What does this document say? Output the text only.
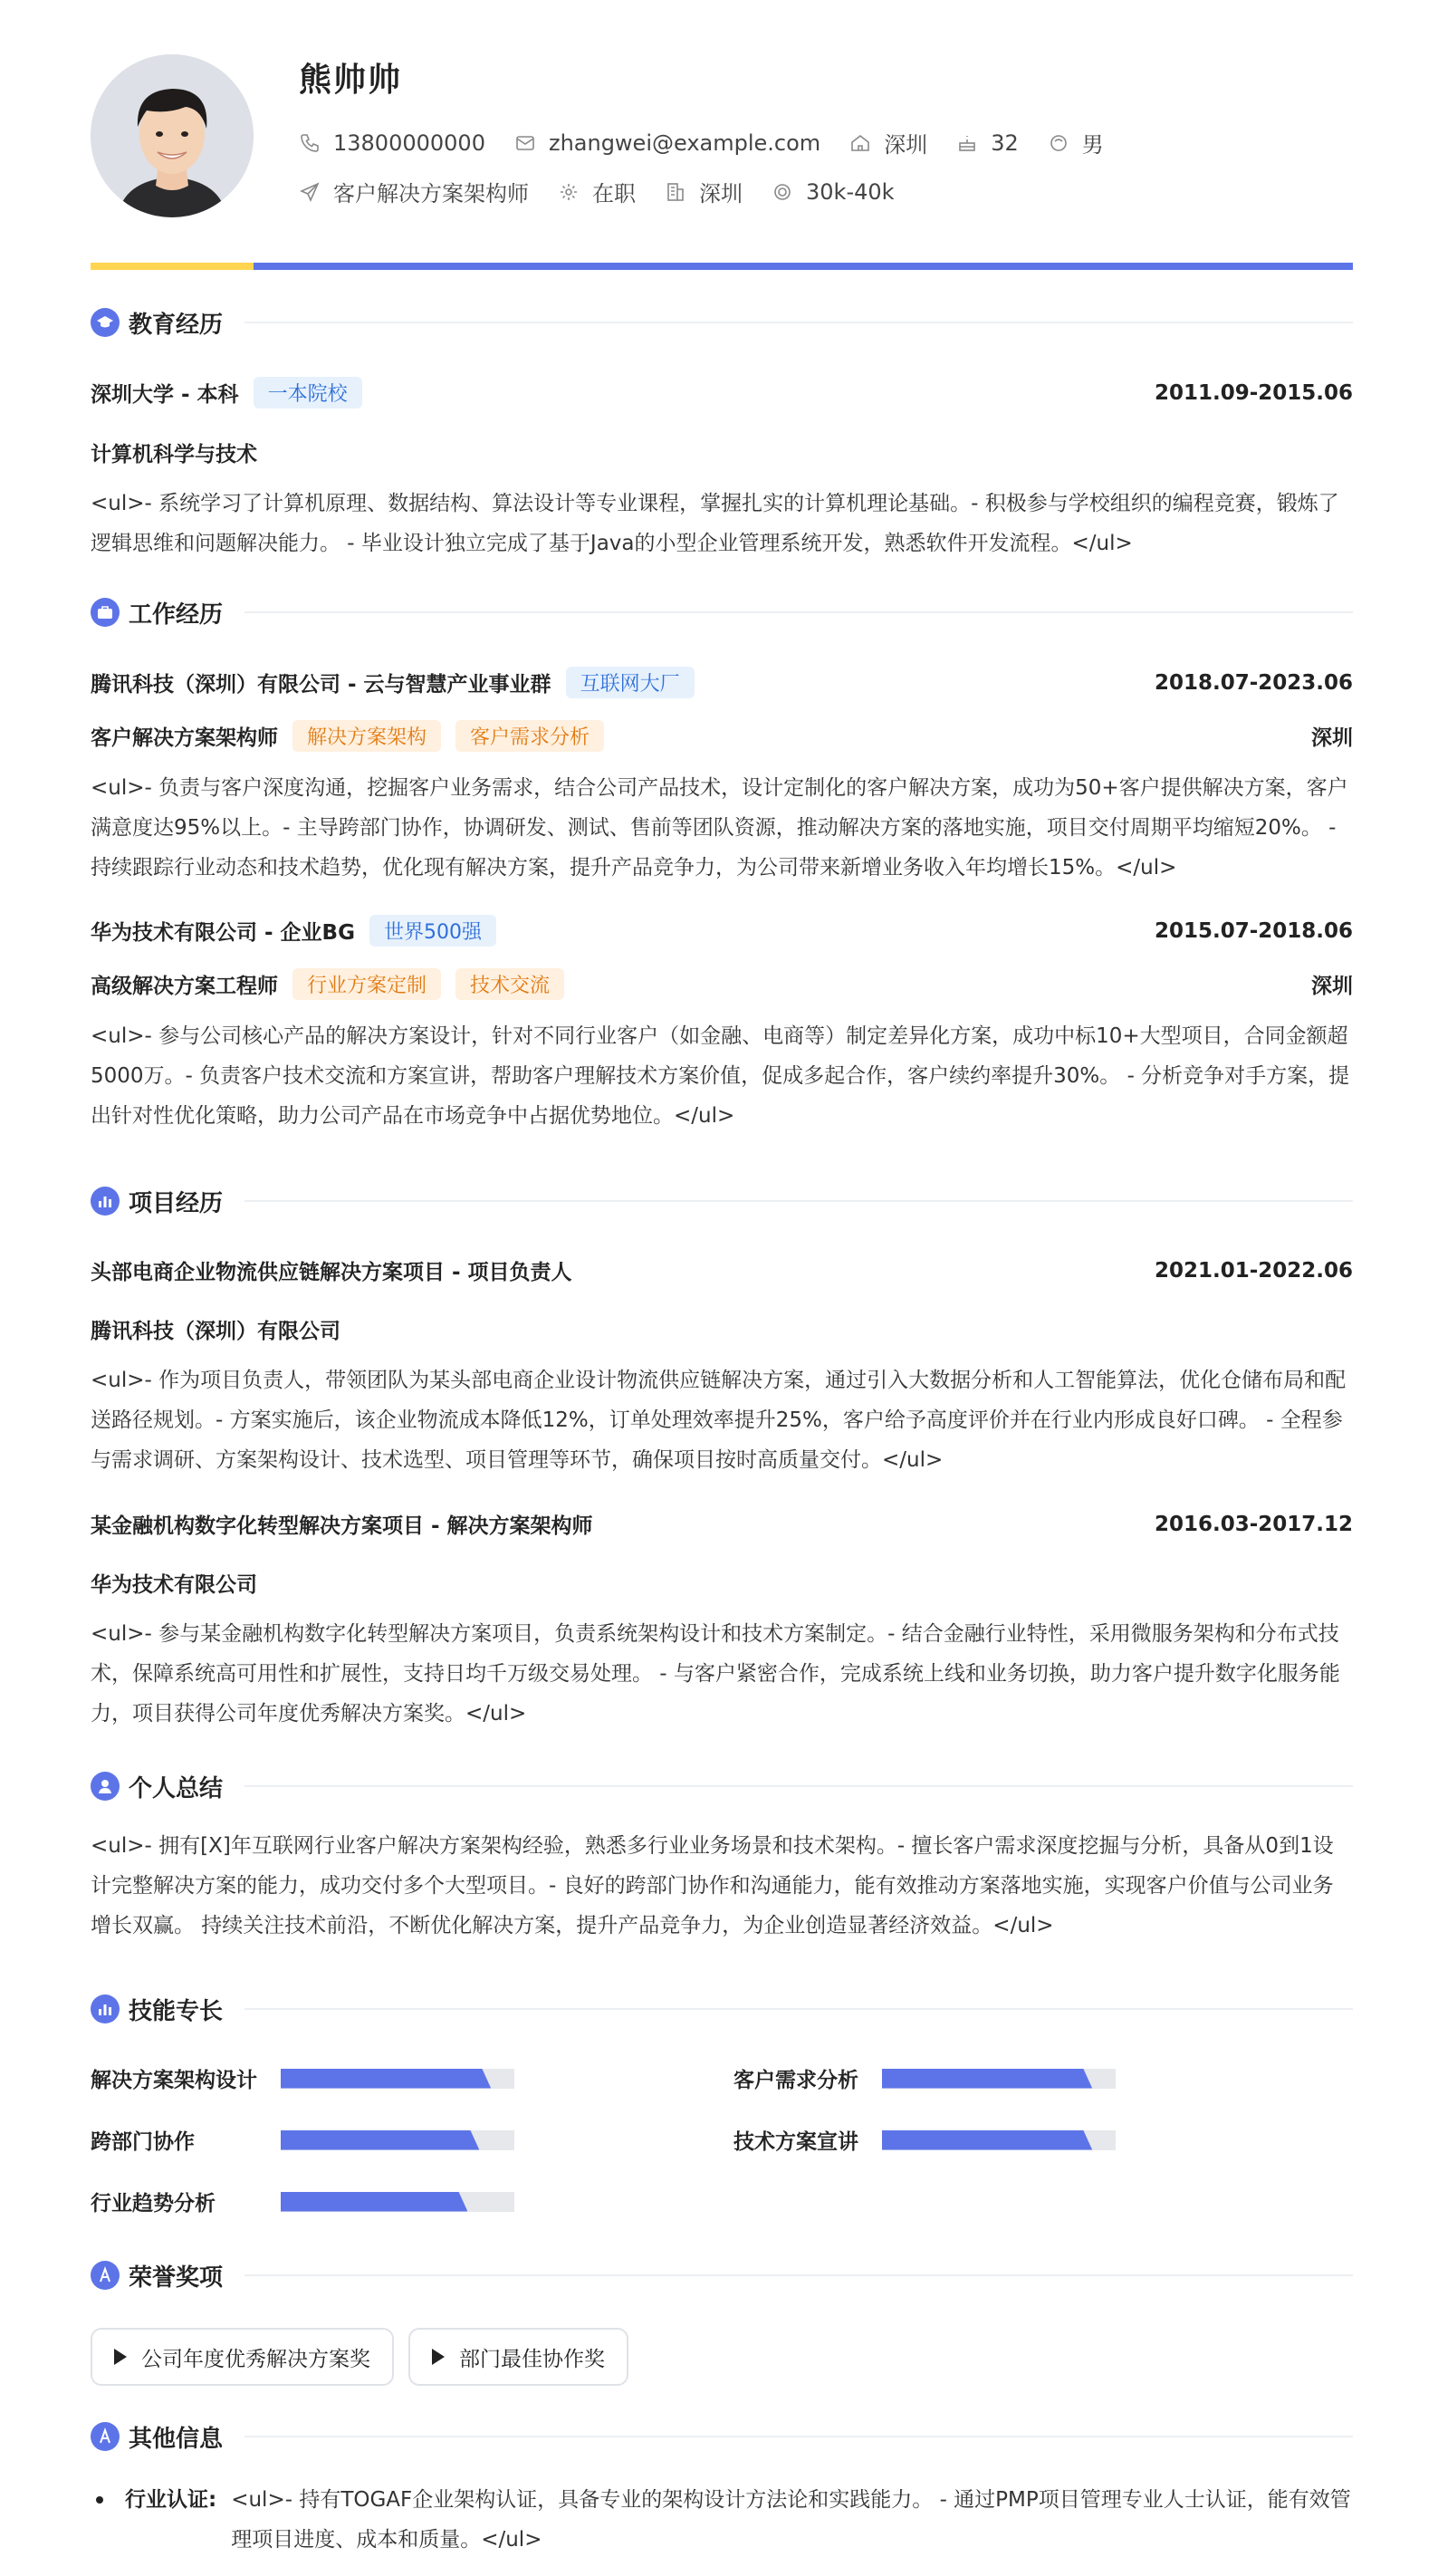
熊帅帅
13800000000	zhangwei@example.com	深圳	32	男
客户解决方案架构师	在职	深圳	30k-40k
教育经历
深圳大学 - 本科	一本院校	2011.09-2015.06
计算机科学与技术
<ul>- 系统学习了计算机原理、数据结构、算法设计等专业课程，掌握扎实的计算机理论基础。- 积极参与学校组织的编程竞赛，锻炼了逻辑思维和问题解决能力。 - 毕业设计独立完成了基于Java的小型企业管理系统开发，熟悉软件开发流程。</ul>
工作经历
腾讯科技（深圳）有限公司 - 云与智慧产业事业群	互联网大厂	2018.07-2023.06
客户解决方案架构师	解决方案架构	客户需求分析	深圳
<ul>- 负责与客户深度沟通，挖掘客户业务需求，结合公司产品技术，设计定制化的客户解决方案，成功为50+客户提供解决方案，客户满意度达95%以上。- 主导跨部门协作，协调研发、测试、售前等团队资源，推动解决方案的落地实施，项目交付周期平均缩短20%。 - 持续跟踪行业动态和技术趋势，优化现有解决方案，提升产品竞争力，为公司带来新增业务收入年均增长15%。</ul>
华为技术有限公司 - 企业BG	世界500强	2015.07-2018.06
高级解决方案工程师	行业方案定制	技术交流	深圳
<ul>- 参与公司核心产品的解决方案设计，针对不同行业客户（如金融、电商等）制定差异化方案，成功中标10+大型项目，合同金额超5000万。- 负责客户技术交流和方案宣讲，帮助客户理解技术方案价值，促成多起合作，客户续约率提升30%。 - 分析竞争对手方案，提出针对性优化策略，助力公司产品在市场竞争中占据优势地位。</ul>
项目经历
头部电商企业物流供应链解决方案项目 - 项目负责人	2021.01-2022.06
腾讯科技（深圳）有限公司
<ul>- 作为项目负责人，带领团队为某头部电商企业设计物流供应链解决方案，通过引入大数据分析和人工智能算法，优化仓储布局和配送路径规划。- 方案实施后，该企业物流成本降低12%，订单处理效率提升25%，客户给予高度评价并在行业内形成良好口碑。 - 全程参与需求调研、方案架构设计、技术选型、项目管理等环节，确保项目按时高质量交付。</ul>
某金融机构数字化转型解决方案项目 - 解决方案架构师	2016.03-2017.12
华为技术有限公司
<ul>- 参与某金融机构数字化转型解决方案项目，负责系统架构设计和技术方案制定。- 结合金融行业特性，采用微服务架构和分布式技术，保障系统高可用性和扩展性，支持日均千万级交易处理。 - 与客户紧密合作，完成系统上线和业务切换，助力客户提升数字化服务能力，项目获得公司年度优秀解决方案奖。</ul>
个人总结
<ul>- 拥有[X]年互联网行业客户解决方案架构经验，熟悉多行业业务场景和技术架构。- 擅长客户需求深度挖掘与分析，具备从0到1设计完整解决方案的能力，成功交付多个大型项目。- 良好的跨部门协作和沟通能力，能有效推动方案落地实施，实现客户价值与公司业务增长双赢。 持续关注技术前沿，不断优化解决方案，提升产品竞争力，为企业创造显著经济效益。</ul>
技能专长
解决方案架构设计	客户需求分析
跨部门协作	技术方案宣讲
行业趋势分析
荣誉奖项
公司年度优秀解决方案奖	部门最佳协作奖
其他信息
行业认证: <ul>- 持有TOGAF企业架构认证，具备专业的架构设计方法论和实践能力。 - 通过PMP项目管理专业人士认证，能有效管理项目进度、成本和质量。</ul>
